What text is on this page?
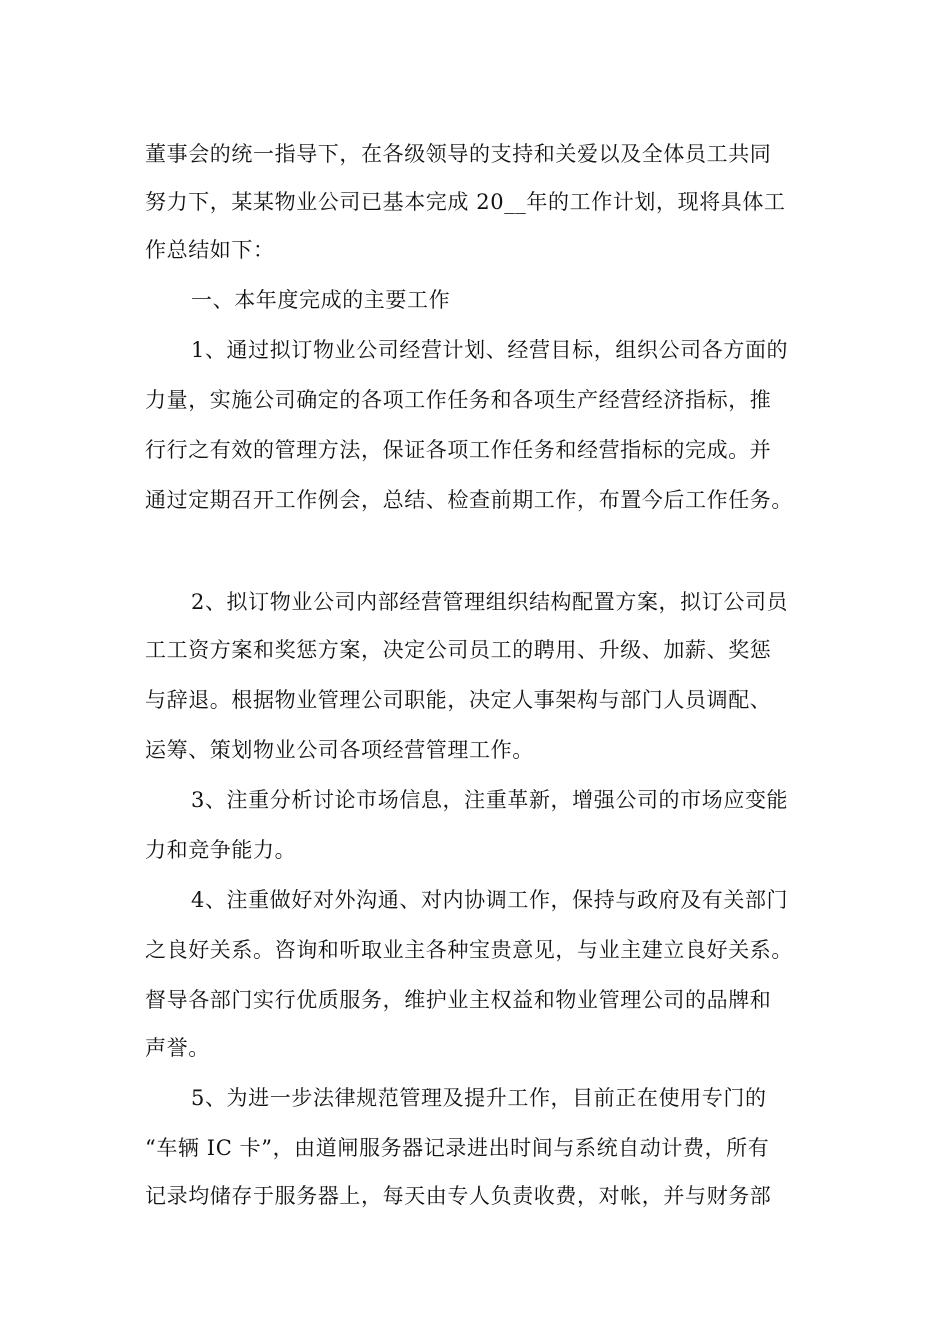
董事会的统一指导下，在各级领导的支持和关爱以及全体员工共同
努力下，某某物业公司已基本完成 20__年的工作计划，现将具体工
作总结如下：
一、本年度完成的主要工作
1、通过拟订物业公司经营计划、经营目标，组织公司各方面的
力量，实施公司确定的各项工作任务和各项生产经营经济指标，推
行行之有效的管理方法，保证各项工作任务和经营指标的完成。并
通过定期召开工作例会，总结、检查前期工作，布置今后工作任务。
2、拟订物业公司内部经营管理组织结构配置方案，拟订公司员
工工资方案和奖惩方案，决定公司员工的聘用、升级、加薪、奖惩
与辞退。根据物业管理公司职能，决定人事架构与部门人员调配、
运筹、策划物业公司各项经营管理工作。
3、注重分析讨论市场信息，注重革新，增强公司的市场应变能
力和竞争能力。
4、注重做好对外沟通、对内协调工作，保持与政府及有关部门
之良好关系。咨询和听取业主各种宝贵意见，与业主建立良好关系。
督导各部门实行优质服务，维护业主权益和物业管理公司的品牌和
声誉。
5、为进一步法律规范管理及提升工作，目前正在使用专门的
“车辆 IC 卡”，由道闸服务器记录进出时间与系统自动计费，所有
记录均储存于服务器上，每天由专人负责收费，对帐，并与财务部
